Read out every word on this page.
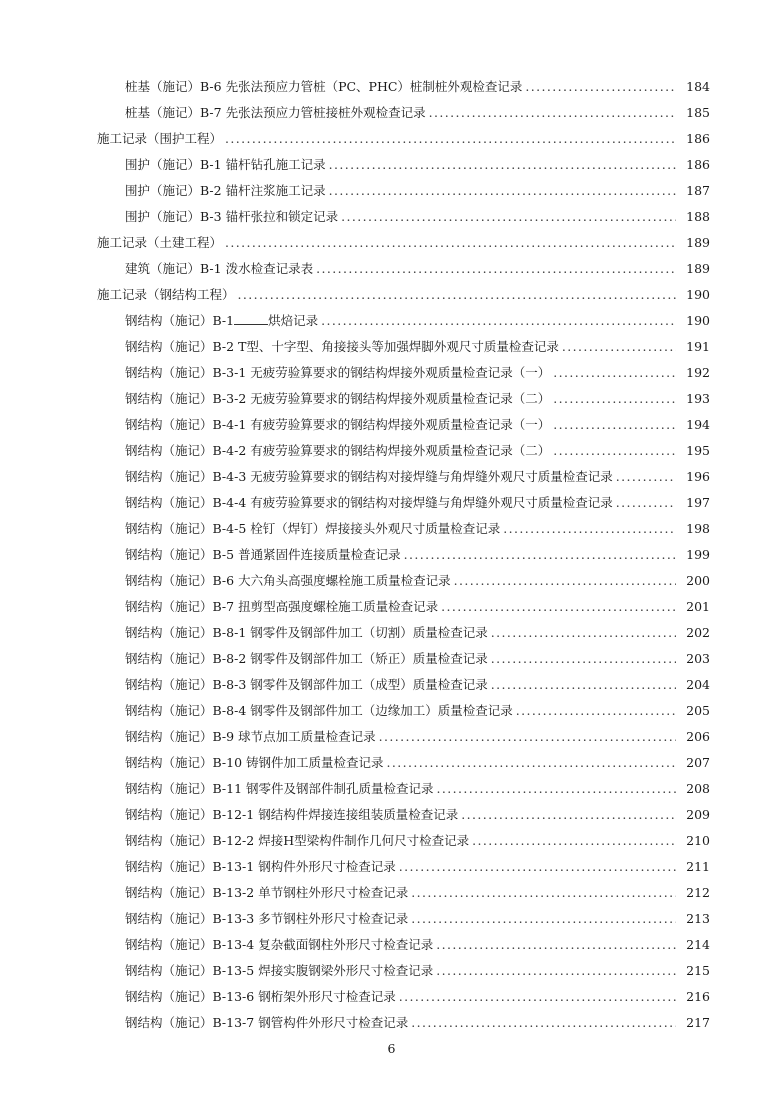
桩基（施记）B-6 先张法预应力管桩（PC、PHC）桩制桩外观检查记录 .....	184
桩基（施记）B-7 先张法预应力管桩接桩外观检查记录 .....	185
施工记录（围护工程） .....	186
围护（施记）B-1 锚杆钻孔施工记录 .....	186
围护（施记）B-2 锚杆注浆施工记录 .....	187
围护（施记）B-3 锚杆张拉和锁定记录 .....	188
施工记录（土建工程） .....	189
建筑（施记）B-1 泼水检查记录表 .....	189
施工记录（钢结构工程） .....	190
钢结构（施记）B-1	烘焙记录 .....	190
钢结构（施记）B-2 T型、十字型、角接接头等加强焊脚外观尺寸质量检查记录 .....	191
钢结构（施记）B-3-1 无疲劳验算要求的钢结构焊接外观质量检查记录（一） .....	192
钢结构（施记）B-3-2 无疲劳验算要求的钢结构焊接外观质量检查记录（二） .....	193
钢结构（施记）B-4-1 有疲劳验算要求的钢结构焊接外观质量检查记录（一） .....	194
钢结构（施记）B-4-2 有疲劳验算要求的钢结构焊接外观质量检查记录（二） .....	195
钢结构（施记）B-4-3 无疲劳验算要求的钢结构对接焊缝与角焊缝外观尺寸质量检查记录 .....	196
钢结构（施记）B-4-4 有疲劳验算要求的钢结构对接焊缝与角焊缝外观尺寸质量检查记录 .....	197
钢结构（施记）B-4-5 栓钉（焊钉）焊接接头外观尺寸质量检查记录 .....	198
钢结构（施记）B-5 普通紧固件连接质量检查记录 .....	199
钢结构（施记）B-6 大六角头高强度螺栓施工质量检查记录 .....	200
钢结构（施记）B-7 扭剪型高强度螺栓施工质量检查记录 .....	201
钢结构（施记）B-8-1 钢零件及钢部件加工（切割）质量检查记录 .....	202
钢结构（施记）B-8-2 钢零件及钢部件加工（矫正）质量检查记录 .....	203
钢结构（施记）B-8-3 钢零件及钢部件加工（成型）质量检查记录 .....	204
钢结构（施记）B-8-4 钢零件及钢部件加工（边缘加工）质量检查记录 .....	205
钢结构（施记）B-9 球节点加工质量检查记录 .....	206
钢结构（施记）B-10 铸钢件加工质量检查记录 .....	207
钢结构（施记）B-11 钢零件及钢部件制孔质量检查记录 .....	208
钢结构（施记）B-12-1 钢结构件焊接连接组装质量检查记录 .....	209
钢结构（施记）B-12-2 焊接H型梁构件制作几何尺寸检查记录 .....	210
钢结构（施记）B-13-1 钢构件外形尺寸检查记录 .....	211
钢结构（施记）B-13-2 单节钢柱外形尺寸检查记录 .....	212
钢结构（施记）B-13-3 多节钢柱外形尺寸检查记录 .....	213
钢结构（施记）B-13-4 复杂截面钢柱外形尺寸检查记录 .....	214
钢结构（施记）B-13-5 焊接实腹钢梁外形尺寸检查记录 .....	215
钢结构（施记）B-13-6 钢桁架外形尺寸检查记录 .....	216
钢结构（施记）B-13-7 钢管构件外形尺寸检查记录 .....	217
6
